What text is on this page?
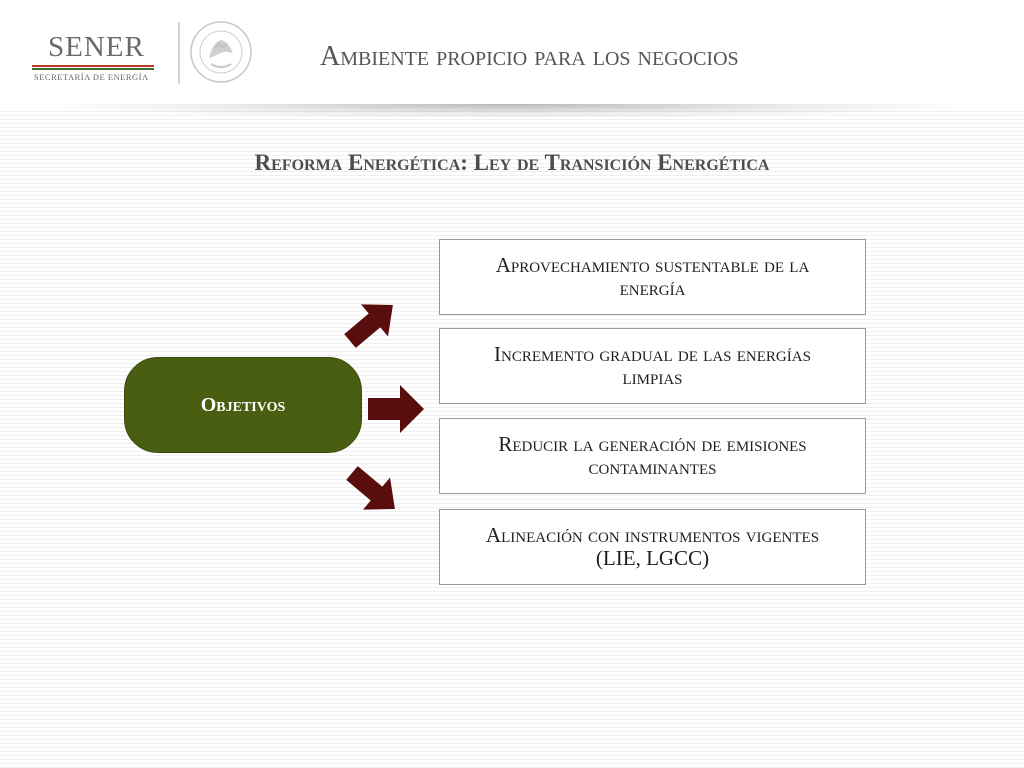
SENER
SECRETARÍA DE ENERGÍA
Ambiente propicio para los negocios
Reforma Energética: Ley de Transición Energética
Objetivos
Aprovechamiento sustentable de la energía
Incremento gradual de las energías limpias
Reducir la generación de emisiones contaminantes
Alineación con instrumentos vigentes (LIE, LGCC)
